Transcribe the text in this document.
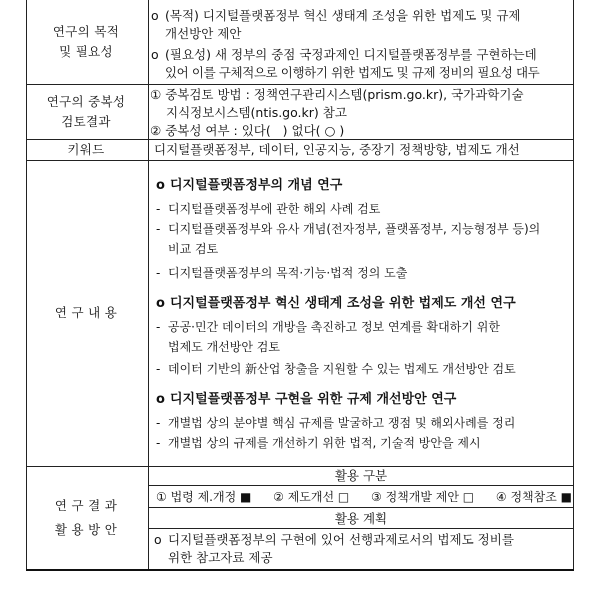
연구의 목적
및 필요성
o (목적) 디지털플랫폼정부 혁신 생태계 조성을 위한 법제도 및 규제
개선방안 제안
o (필요성) 새 정부의 중점 국정과제인 디지털플랫폼정부를 구현하는데
있어 이를 구체적으로 이행하기 위한 법제도 및 규제 정비의 필요성 대두
연구의 중복성
검토결과
① 중복검토 방법 : 정책연구관리시스템(prism.go.kr), 국가과학기술
지식정보시스템(ntis.go.kr) 참고
② 중복성 여부 : 있다(   ) 없다( ○ )
키워드	디지털플랫폼정부, 데이터, 인공지능, 중장기 정책방향, 법제도 개선
연 구 내 용
o 디지털플랫폼정부의 개념 연구
- 디지털플랫폼정부에 관한 해외 사례 검토
- 디지털플랫폼정부와 유사 개념(전자정부, 플랫폼정부, 지능형정부 등)의
비교 검토
- 디지털플랫폼정부의 목적·기능·법적 정의 도출
o 디지털플랫폼정부 혁신 생태계 조성을 위한 법제도 개선 연구
- 공공·민간 데이터의 개방을 촉진하고 정보 연계를 확대하기 위한
법제도 개선방안 검토
- 데이터 기반의 新산업 창출을 지원할 수 있는 법제도 개선방안 검토
o 디지털플랫폼정부 구현을 위한 규제 개선방안 연구
- 개별법 상의 분야별 핵심 규제를 발굴하고 쟁점 및 해외사례를 정리
- 개별법 상의 규제를 개선하기 위한 법적, 기술적 방안을 제시
연 구 결 과
활 용 방 안
활용 구분
① 법령 제.개정 ■ ② 제도개선 □ ③ 정책개발 제안 □ ④ 정책참조 ■
활용 계획
o 디지털플랫폼정부의 구현에 있어 선행과제로서의 법제도 정비를
위한 참고자료 제공
